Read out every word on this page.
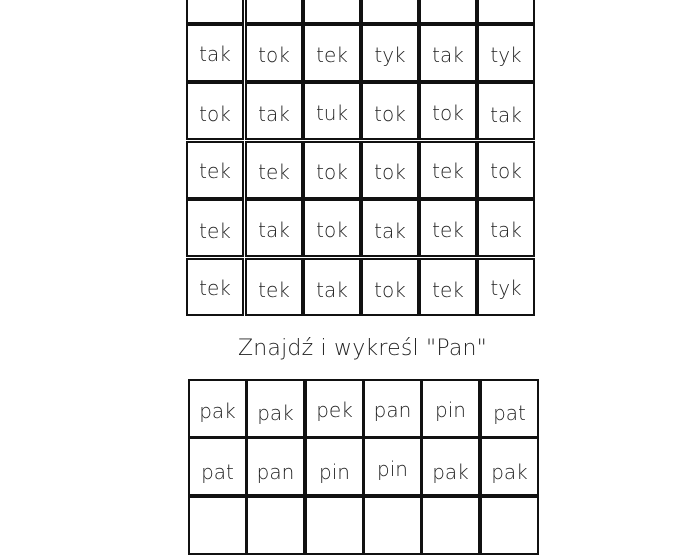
tak	tok	tek	tyk	tak	tyk
tok	tak	tuk	tok	tok	tak
tek	tek	tok	tok	tek	tok
tek	tak	tok	tak	tek	tak
tek	tek	tak	tok	tek	tyk
Znajdź i wykreśl "Pan"
pak	pak	pek	pan	pin	pat
pat	pan	pin	pin	pak	pak
